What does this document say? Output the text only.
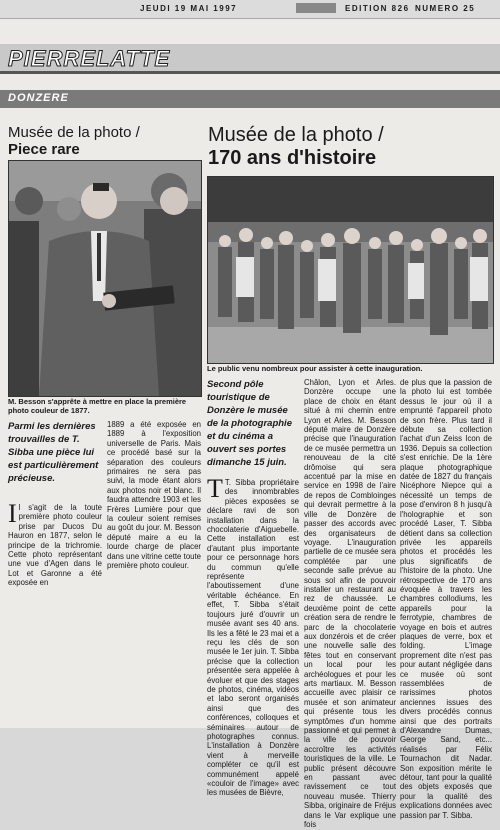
JEUDI 19 MAI 1997	EDITION 826 NUMERO 25
PIERRELATTE
DONZERE
Musée de la photo /
Piece rare
Musée de la photo /
170 ans d'histoire
M. Besson s'apprête à mettre en place la première photo couleur de 1877.
Le public venu nombreux pour assister à cette inauguration.
Parmi les dernières trouvailles de T. Sibba une pièce lui est particulièrement précieuse.
Il s'agit de la toute première photo couleur prise par Ducos Du Hauron en 1877, selon le principe de la trichromie. Cette photo représentant une vue d'Agen dans le Lot et Garonne a été exposée en
1889 a été exposée en 1889 à l'exposition universelle de Paris. Mais ce procédé basé sur la séparation des couleurs primaires ne sera pas suivi, la mode étant alors aux photos noir et blanc. Il faudra attendre 1903 et les Frères Lumière pour que la couleur soient remises au goût du jour. M. Besson député maire a eu la lourde charge de placer dans une vitrine cette toute première photo couleur.
Second pôle touristique de Donzère le musée de la photographie et du cinéma a ouvert ses portes dimanche 15 juin.
T T. Sibba propriétaire des innombrables pièces exposées se déclare ravi de son installation dans la chocolaterie d'Aiguebelle. Cette installation est d'autant plus importante pour ce personnage hors du commun qu'elle représente l'aboutissement d'une véritable échéance. En effet, T. Sibba s'était toujours juré d'ouvrir un musée avant ses 40 ans. Ils les a fêté le 23 mai et a reçu les clés de son musée le 1er juin. T. Sibba précise que la collection présentée sera appelée à évoluer et que des stages de photos, cinéma, vidéos et labo seront organisés ainsi que des conférences, colloques et séminaires autour de photographes connus. L'installation à Donzère vient à merveille compléter ce qu'il est communément appelé «couloir de l'image» avec les musées de Bièvre,
Châlon, Lyon et Arles. Donzère occupe une place de choix en étant situé à mi chemin entre Lyon et Arles. M. Besson député maire de Donzère précise que l'inauguration de ce musée permettra un renouveau de la cité drômoise qui sera accentué par la mise en service en 1998 de l'aire de repos de Combloinges qui devrait permettre à la ville de Donzère de passer des accords avec des organisateurs de voyage. L'inauguration partielle de ce musée sera complétée par une seconde salle prévue au sous sol afin de pouvoir installer un restaurant au rez de chaussée. Le deuxième point de cette création sera de rendre le parc de la chocolaterie aux donzérois et de créer une nouvelle salle des fêtes tout en conservant un local pour les archéologues et pour les arts martiaux. M. Besson accueille avec plaisir ce musée et son animateur qui présente tous les symptômes d'un homme passionné et qui permet à la ville de pouvoir accroître les activités touristiques de la ville. Le public présent découvre en passant avec ravissement ce tout nouveau musée. Thierry Sibba, originaire de Fréjus dans le Var explique une fois
de plus que la passion de la photo lui est tombée dessus le jour où il a emprunté l'appareil photo de son frère. Plus tard il débute sa collection l'achat d'un Zeiss Icon de 1936. Depuis sa collection s'est enrichie. De la 1ère plaque photographique datée de 1827 du français Nicéphore Niepce qui a nécessité un temps de pose d'environ 8 h jusqu'à l'holographie et son procédé Laser, T. Sibba détient dans sa collection privée les appareils photos et procédés les plus significatifs de l'histoire de la photo. Une rétrospective de 170 ans évoquée à travers les chambres collodiums, les appareils pour la ferrotypie, chambres de voyage en bois et autres plaques de verre, box et folding. L'image proprement dite n'est pas pour autant négligée dans ce musée où sont rassemblées de rarissimes photos anciennes issues des divers procédés connus ainsi que des portraits d'Alexandre Dumas, George Sand, etc... réalisés par Félix Tournachon dit Nadar. Son exposition mérite le détour, tant pour la qualité des objets exposés que pour la qualité des explications données avec passion par T. Sibba.
